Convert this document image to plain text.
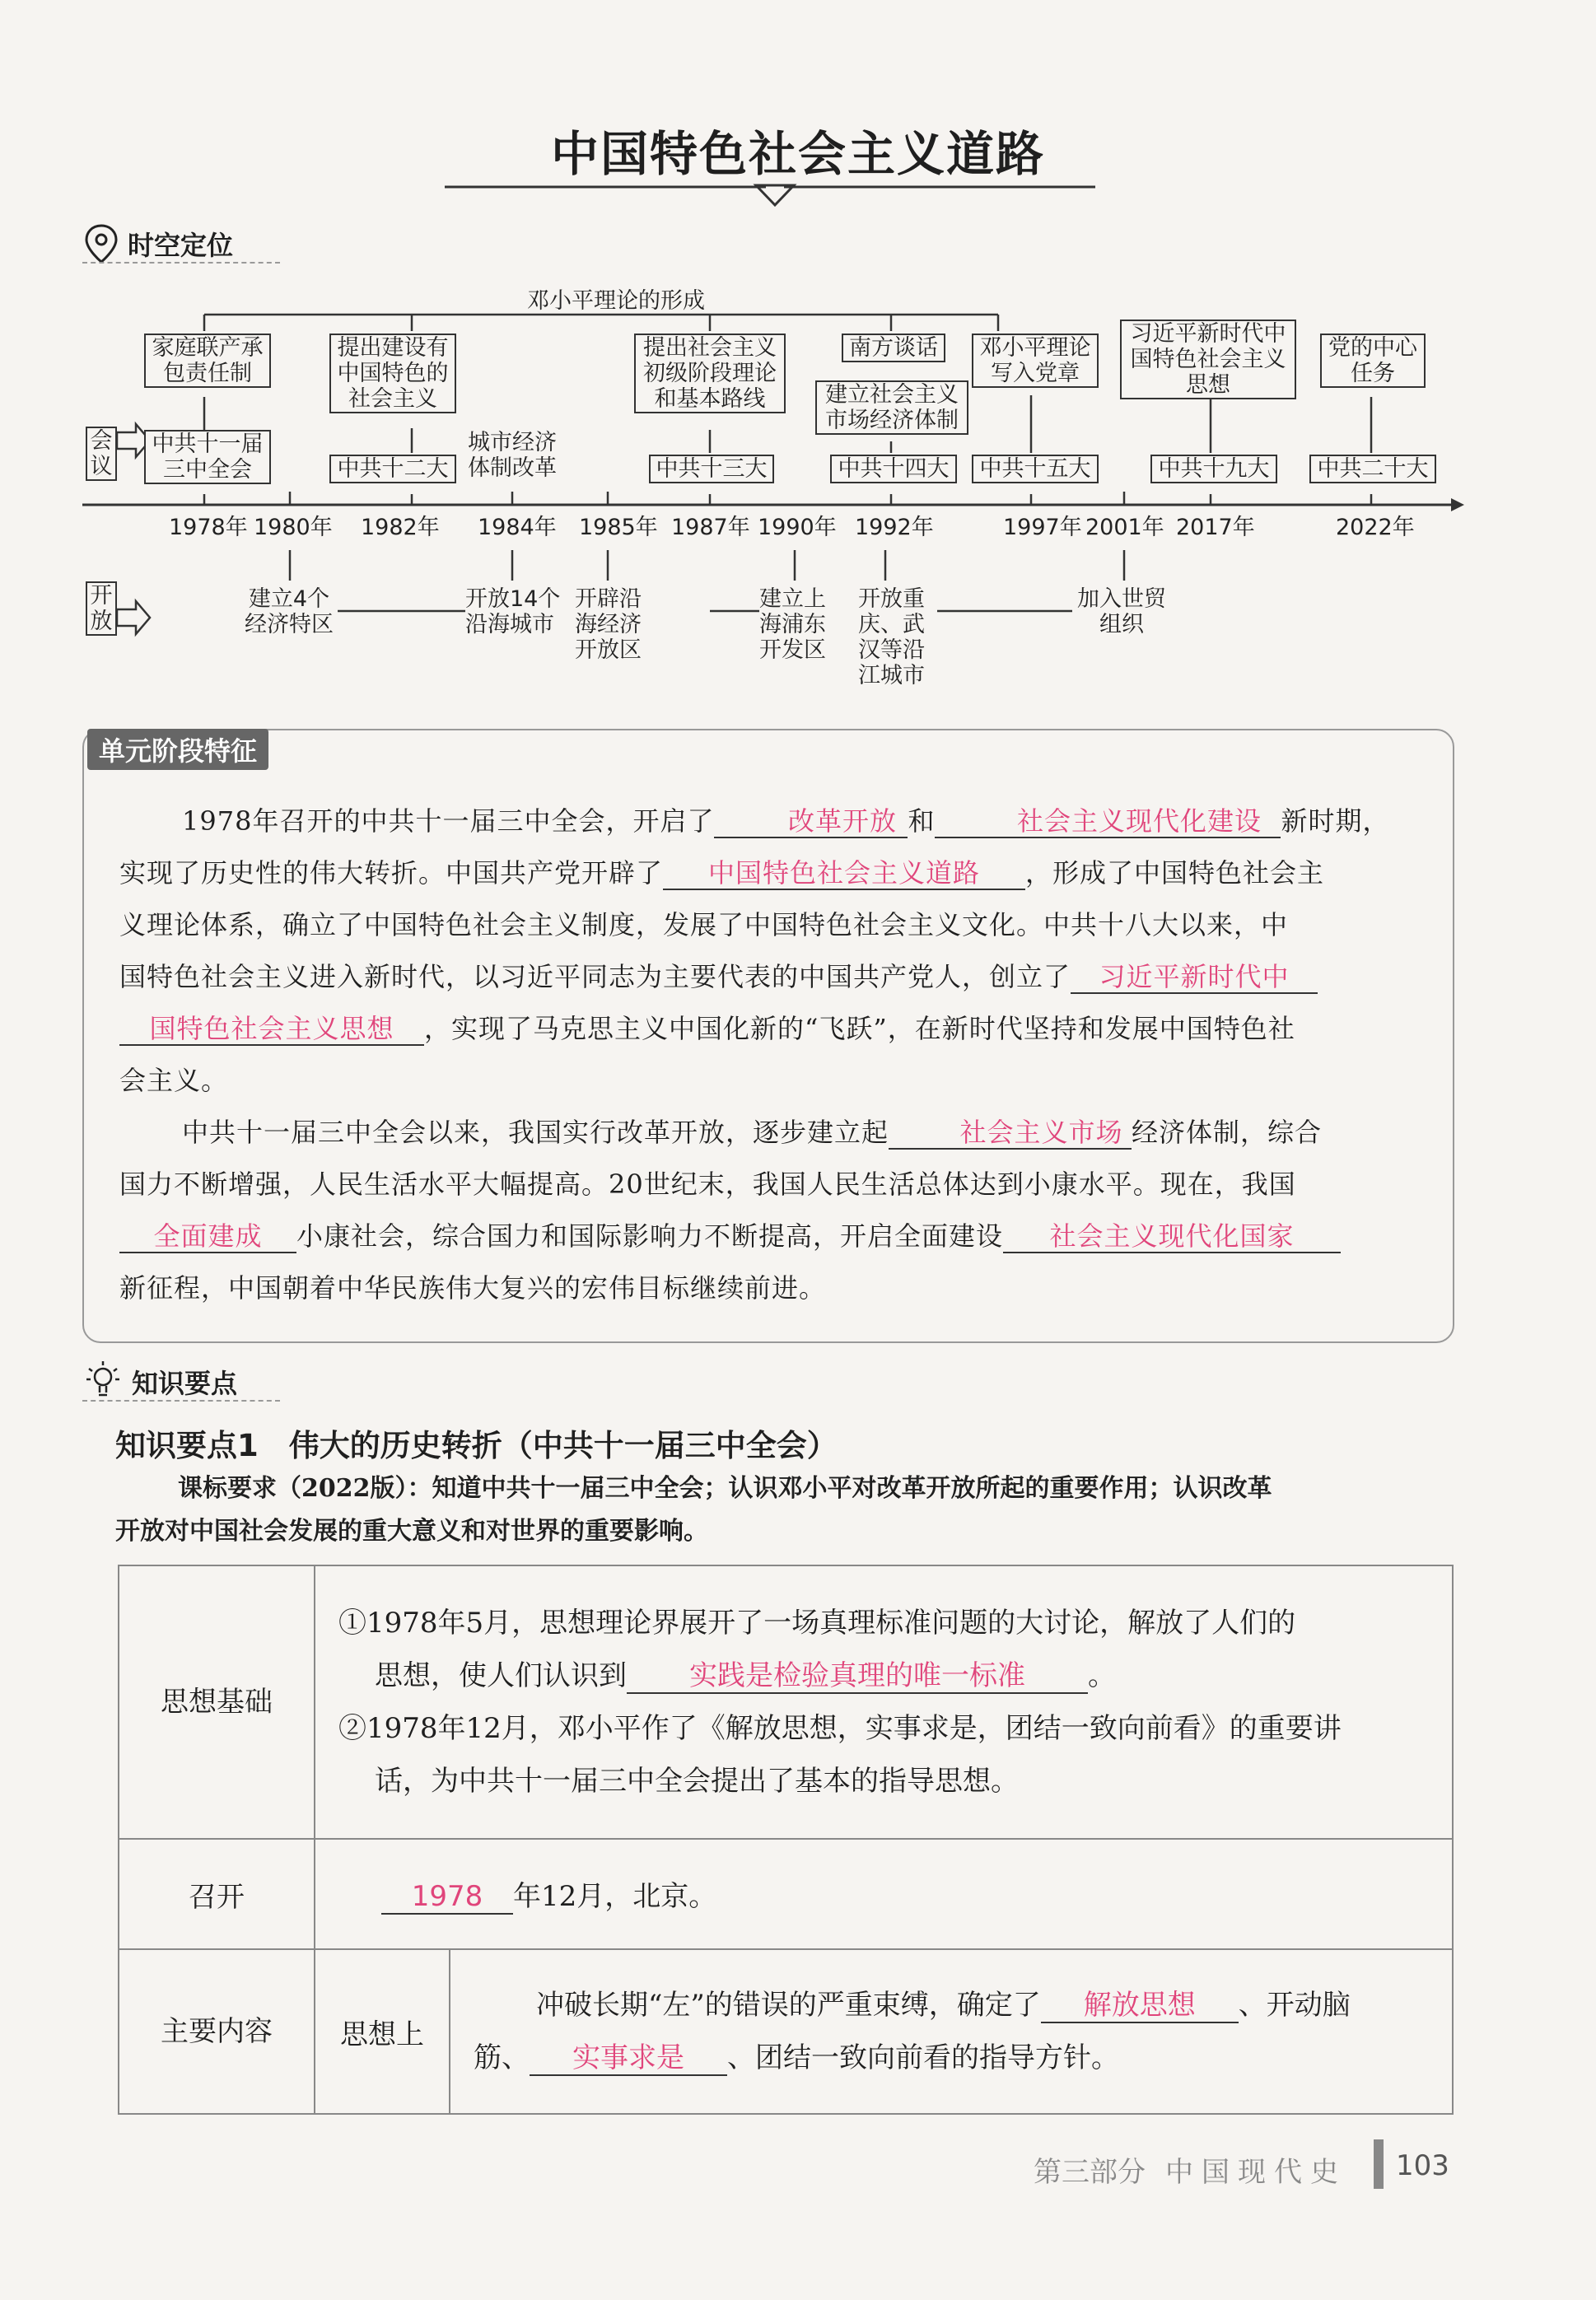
中国特色社会主义道路
时空定位
邓小平理论的形成
家庭联产承包责任制
提出建设有中国特色的社会主义
提出社会主义初级阶段理论和基本路线
南方谈话
建立社会主义市场经济体制
邓小平理论写入党章
习近平新时代中国特色社会主义思想
党的中心任务
会议
开放
中共十一届三中全会	中共十二大
城市经济体制改革	中共十三大	中共十四大	中共十五大	中共十九大	中共二十大
1978年 1980年 1982年 1984年 1985年 1987年 1990年 1992年	1997年 2001年 2017年	2022年
建立4个经济特区
开放14个沿海城市
开辟沿海经济开放区
建立上海浦东开发区
开放重庆、武汉等沿江城市
加入世贸组织
单元阶段特征
1978年召开的中共十一届三中全会，开启了	改革开放 和	社会主义现代化建设 新时期，
实现了历史性的伟大转折。中国共产党开辟了 中国特色社会主义道路 ，形成了中国特色社会主
义理论体系，确立了中国特色社会主义制度，发展了中国特色社会主义文化。中共十八大以来，中
国特色社会主义进入新时代，以习近平同志为主要代表的中国共产党人，创立了 习近平新时代中
国特色社会主义思想 ，实现了马克思主义中国化新的“飞跃”，在新时代坚持和发展中国特色社
会主义。
中共十一届三中全会以来，我国实行改革开放，逐步建立起	社会主义市场 经济体制，综合
国力不断增强，人民生活水平大幅提高。20世纪末，我国人民生活总体达到小康水平。现在，我国
全面建成 小康社会，综合国力和国际影响力不断提高，开启全面建设 社会主义现代化国家
新征程，中国朝着中华民族伟大复兴的宏伟目标继续前进。
知识要点
知识要点1　伟大的历史转折（中共十一届三中全会）
课标要求（2022版）：知道中共十一届三中全会；认识邓小平对改革开放所起的重要作用；认识改革
开放对中国社会发展的重大意义和对世界的重要影响。
思想基础	①1978年5月，思想理论界展开了一场真理标准问题的大讨论，解放了人们的
思想，使人们认识到 实践是检验真理的唯一标准 。
②1978年12月，邓小平作了《解放思想，实事求是，团结一致向前看》的重要讲
话，为中共十一届三中全会提出了基本的指导思想。	

召开	1978 年12月，北京。	
主要内容	思想上	冲破长期“左”的错误的严重束缚，确定了 解放思想 、开动脑
筋、 实事求是 、团结一致向前看的指导方针。
第三部分 中国现代史 103
